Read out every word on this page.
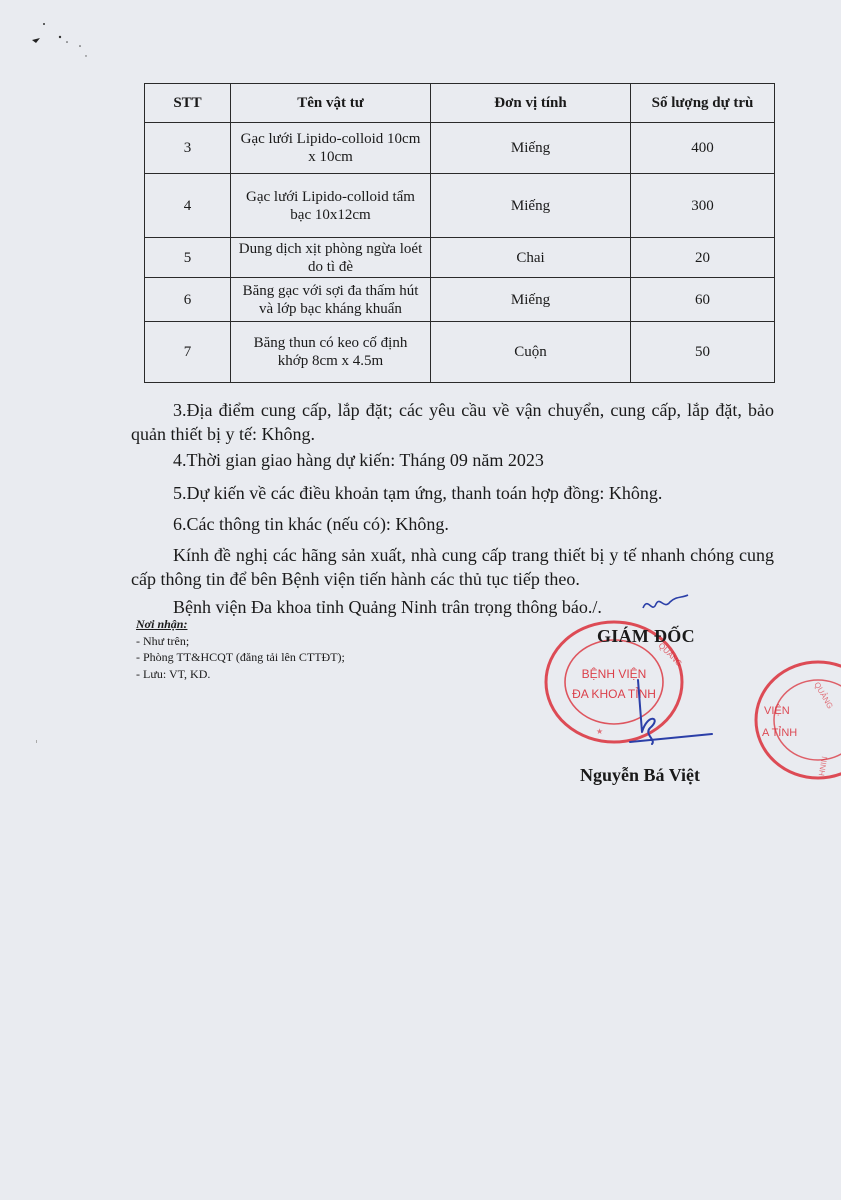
STT	Tên vật tư	Đơn vị tính	Số lượng dự trù
3	Gạc lưới Lipido-colloid 10cm x 10cm	Miếng	400
4	Gạc lưới Lipido-colloid tẩm bạc 10x12cm	Miếng	300
5	Dung dịch xịt phòng ngừa loét do tì đè	Chai	20
6	Băng gạc với sợi đa thấm hút và lớp bạc kháng khuẩn	Miếng	60
7	Băng thun có keo cố định khớp 8cm x 4.5m	Cuộn	50
3.Địa điểm cung cấp, lắp đặt; các yêu cầu về vận chuyển, cung cấp, lắp đặt, bảo quản thiết bị y tế: Không.
4.Thời gian giao hàng dự kiến: Tháng 09 năm 2023
5.Dự kiến về các điều khoản tạm ứng, thanh toán hợp đồng: Không.
6.Các thông tin khác (nếu có): Không.
Kính đề nghị các hãng sản xuất, nhà cung cấp trang thiết bị y tế nhanh chóng cung cấp thông tin để bên Bệnh viện tiến hành các thủ tục tiếp theo.
Bệnh viện Đa khoa tỉnh Quảng Ninh trân trọng thông báo./.
Nơi nhận:
- Như trên;
- Phòng TT&HCQT (đăng tải lên CTTĐT);
- Lưu: VT, KD.	BỆNH VIỆN
ĐA KHOA TỈNH
QUẢNG
★
GIÁM ĐỐC
Nguyễn Bá Việt
VIỆN
A TỈNH
QUẢNG
NINH
